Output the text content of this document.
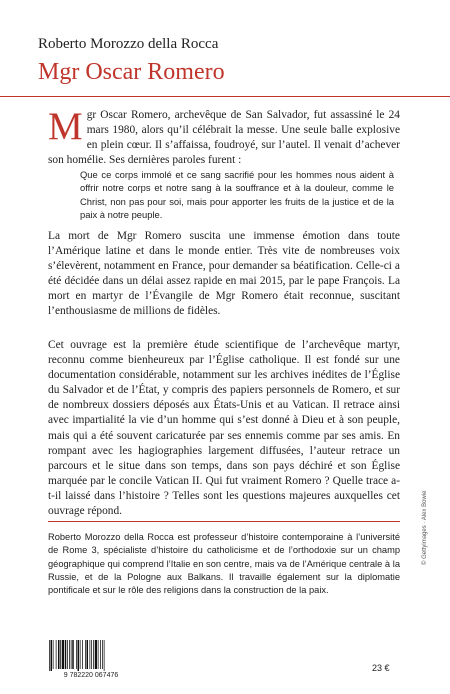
Roberto Morozzo della Rocca
Mgr Oscar Romero
M gr Oscar Romero, archevêque de San Salvador, fut assassiné le 24 mars 1980, alors qu’il célébrait la messe. Une seule balle explosive en plein cœur. Il s’affaissa, foudroyé, sur l’autel. Il venait d’achever son homélie. Ses dernières paroles furent :
Que ce corps immolé et ce sang sacrifié pour les hommes nous aident à offrir notre corps et notre sang à la souffrance et à la douleur, comme le Christ, non pas pour soi, mais pour apporter les fruits de la justice et de la paix à notre peuple.
La mort de Mgr Romero suscita une immense émotion dans toute l’Amérique latine et dans le monde entier. Très vite de nombreuses voix s’élevèrent, notamment en France, pour demander sa béatification. Celle-ci a été décidée dans un délai assez rapide en mai 2015, par le pape François. La mort en martyr de l’Évangile de Mgr Romero était reconnue, suscitant l’enthousiasme de millions de fidèles.
Cet ouvrage est la première étude scientifique de l’archevêque martyr, reconnu comme bienheureux par l’Église catholique. Il est fondé sur une documentation considérable, notamment sur les archives inédites de l’Église du Salvador et de l’État, y compris des papiers personnels de Romero, et sur de nombreux dossiers déposés aux États-Unis et au Vatican. Il retrace ainsi avec impartialité la vie d’un homme qui s’est donné à Dieu et à son peuple, mais qui a été souvent caricaturée par ses ennemis comme par ses amis. En rompant avec les hagiographies largement diffusées, l’auteur retrace un parcours et le situe dans son temps, dans son pays déchiré et son Église marquée par le concile Vatican II. Qui fut vraiment Romero ? Quelle trace a-t-il laissé dans l’histoire ? Telles sont les questions majeures auxquelles cet ouvrage répond.
Roberto Morozzo della Rocca est professeur d’histoire contemporaine à l’université de Rome 3, spécialiste d’histoire du catholicisme et de l’orthodoxie sur un champ géographique qui comprend l’Italie en son centre, mais va de l’Amérique centrale à la Russie, et de la Pologne aux Balkans. Il travaille également sur la diplomatie pontificale et sur le rôle des religions dans la construction de la paix.
© Gettyimages · Alex Bowie
9 782220 067476
23 €
